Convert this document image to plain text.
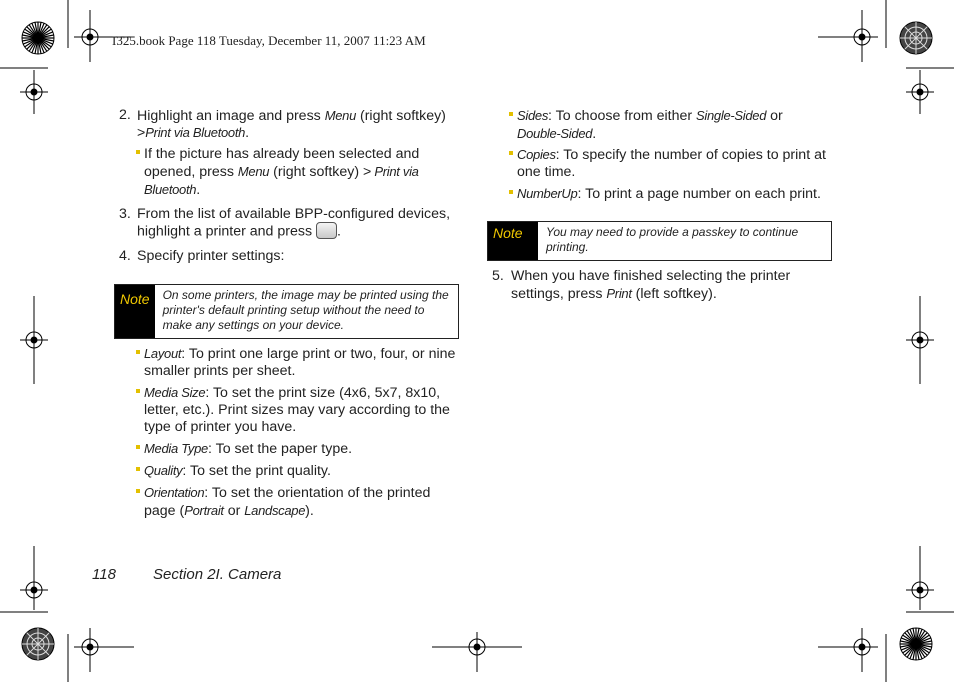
I325.book Page 118 Tuesday, December 11, 2007 11:23 AM
2. Highlight an image and press Menu (right softkey)
>Print via Bluetooth.
If the picture has already been selected and
opened, press Menu (right softkey) > Print via
Bluetooth.
3. From the list of available BPP-configured devices,
highlight a printer and press .
4. Specify printer settings:
Note	On some printers, the image may be printed using the printer's default printing setup without the need to make any settings on your device.
Layout: To print one large print or two, four, or nine
smaller prints per sheet.
Media Size: To set the print size (4x6, 5x7, 8x10,
letter, etc.). Print sizes may vary according to the
type of printer you have.
Media Type: To set the paper type.
Quality: To set the print quality.
Orientation: To set the orientation of the printed
page (Portrait or Landscape).
Sides: To choose from either Single-Sided or
Double-Sided.
Copies: To specify the number of copies to print at
one time.
NumberUp: To print a page number on each print.
Note	You may need to provide a passkey to continue printing.
5. When you have finished selecting the printer
settings, press Print (left softkey).
118 Section 2I. Camera
